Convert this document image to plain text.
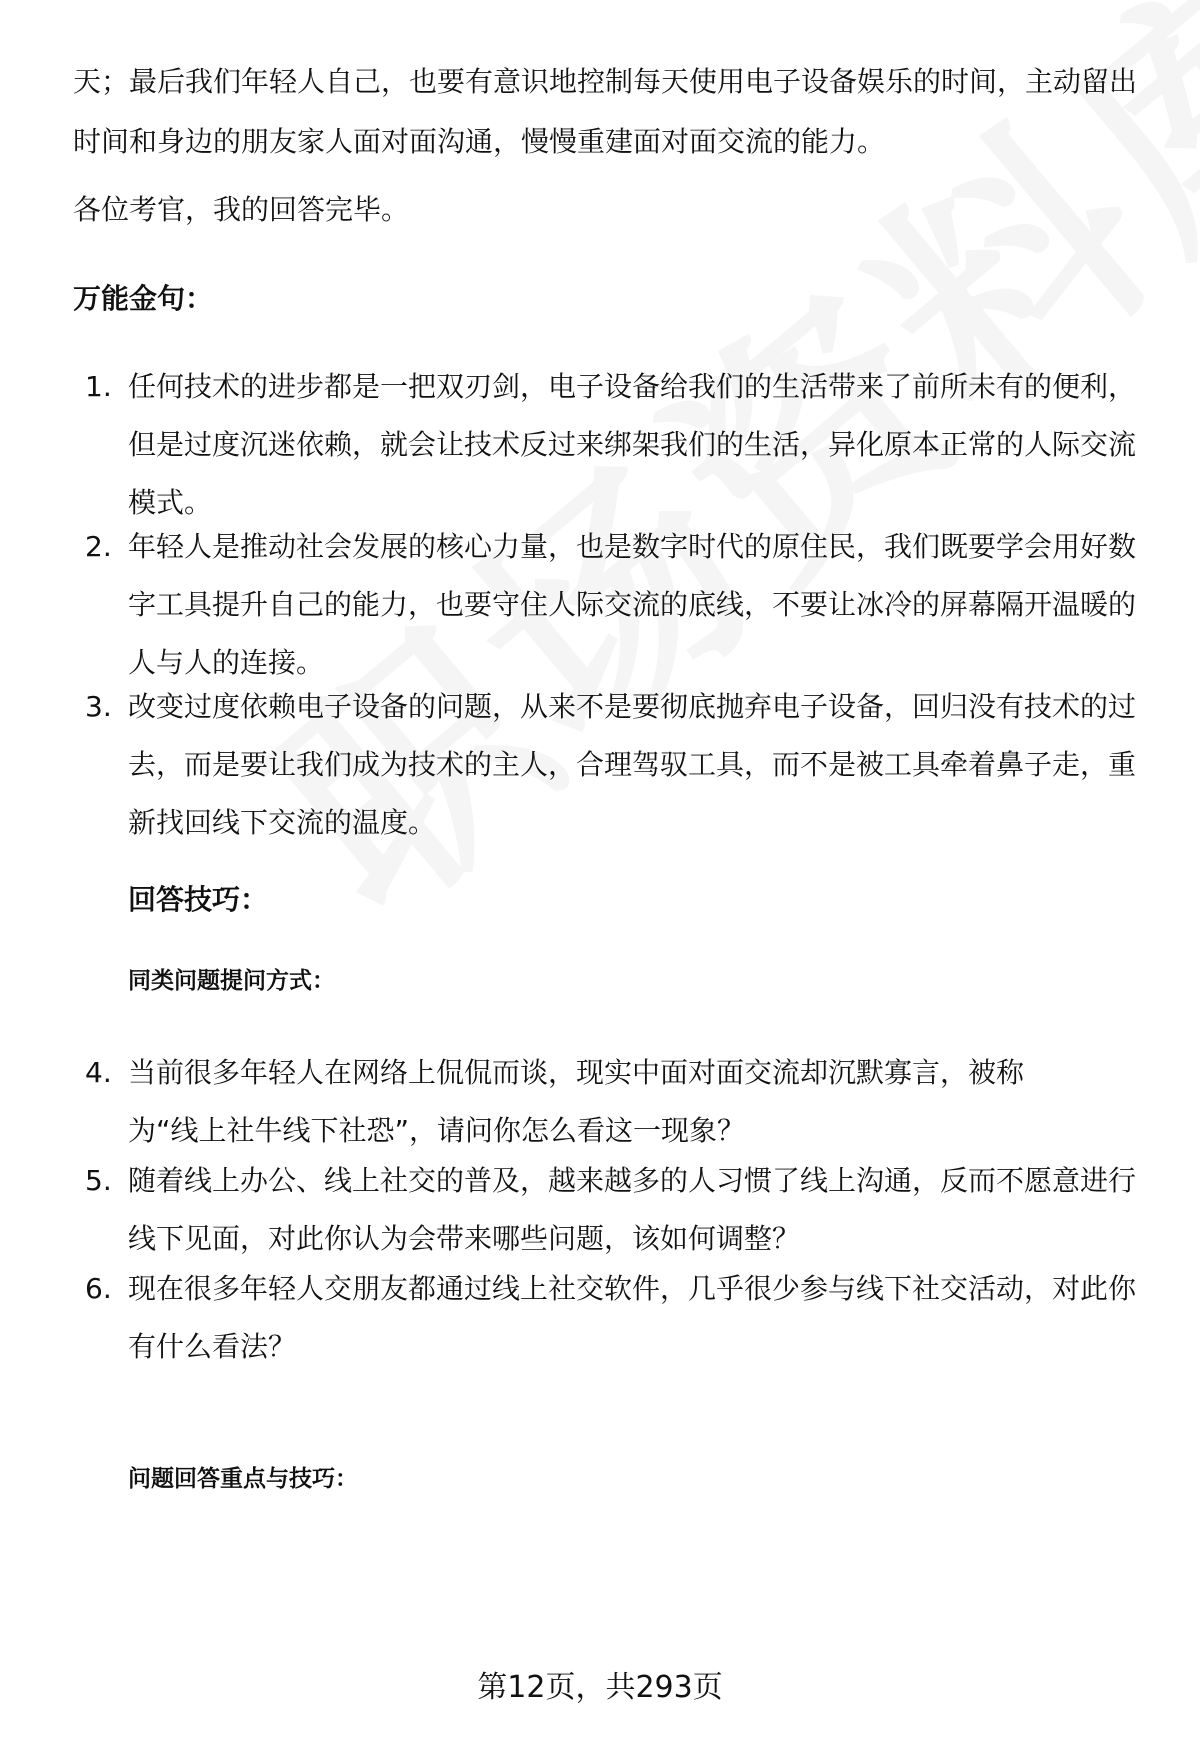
天；最后我们年轻人自己，也要有意识地控制每天使用电子设备娱乐的时间，主动留出时间和身边的朋友家人面对面沟通，慢慢重建面对面交流的能力。

各位考官，我的回答完毕。

万能金句：

1. 任何技术的进步都是一把双刃剑，电子设备给我们的生活带来了前所未有的便利，但是过度沉迷依赖，就会让技术反过来绑架我们的生活，异化原本正常的人际交流模式。
2. 年轻人是推动社会发展的核心力量，也是数字时代的原住民，我们既要学会用好数字工具提升自己的能力，也要守住人际交流的底线，不要让冰冷的屏幕隔开温暖的人与人的连接。
3. 改变过度依赖电子设备的问题，从来不是要彻底抛弃电子设备，回归没有技术的过去，而是要让我们成为技术的主人，合理驾驭工具，而不是被工具牵着鼻子走，重新找回线下交流的温度。

回答技巧：

同类问题提问方式：

4. 当前很多年轻人在网络上侃侃而谈，现实中面对面交流却沉默寡言，被称
为“线上社牛线下社恐”，请问你怎么看这一现象？
5. 随着线上办公、线上社交的普及，越来越多的人习惯了线上沟通，反而不愿意进行线下见面，对此你认为会带来哪些问题，该如何调整？
6. 现在很多年轻人交朋友都通过线上社交软件，几乎很少参与线下社交活动，对此你有什么看法？

问题回答重点与技巧：

第12页，共293页
